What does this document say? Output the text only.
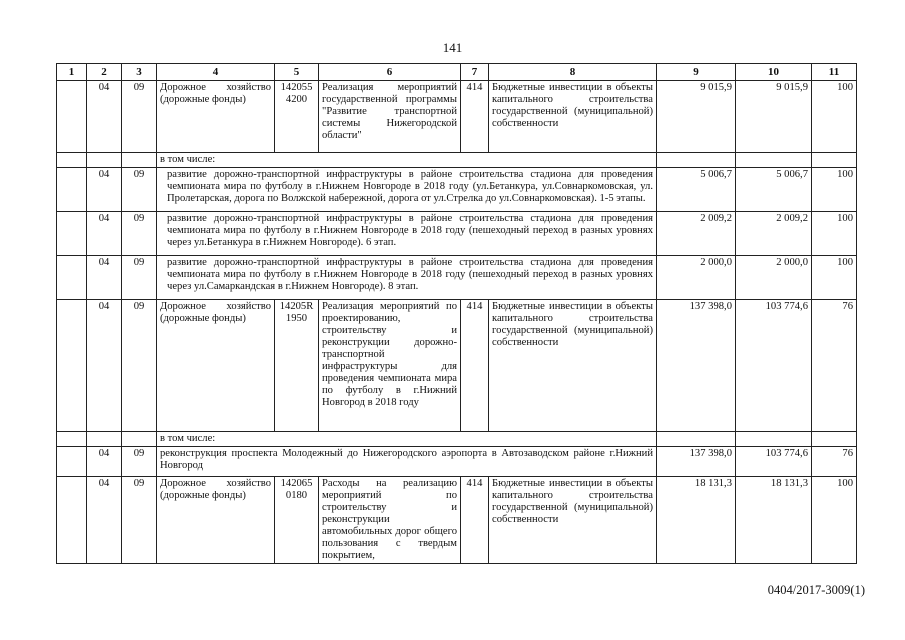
141
1	2	3	4	5	6	7	8	9	10	11
	04	09	Дорожное хозяйство (дорожные фонды)	142055 4200	Реализация мероприятий государственной программы "Развитие транспортной системы Нижегородской области"	414	Бюджетные инвестиции в объекты капитального строительства государственной (муниципальной) собственности	9 015,9	9 015,9	100
			в том числе:							
	04	09	развитие дорожно-транспортной инфраструктуры в районе строительства стадиона для проведения чемпионата мира по футболу в г.Нижнем Новгороде в 2018 году (ул.Бетанкура, ул.Совнаркомовская, ул. Пролетарская, дорога по Волжской набережной, дорога от ул.Стрелка до ул.Совнаркомовская). 1-5 этапы.					5 006,7	5 006,7	100
	04	09	развитие дорожно-транспортной инфраструктуры в районе строительства стадиона для проведения чемпионата мира по футболу в г.Нижнем Новгороде в 2018 году (пешеходный переход в разных уровнях через ул.Бетанкура в г.Нижнем Новгороде). 6 этап.					2 009,2	2 009,2	100
	04	09	развитие дорожно-транспортной инфраструктуры в районе строительства стадиона для проведения чемпионата мира по футболу в г.Нижнем Новгороде в 2018 году (пешеходный переход в разных уровнях через ул.Самаркандская в г.Нижнем Новгороде). 8 этап.					2 000,0	2 000,0	100
	04	09	Дорожное хозяйство (дорожные фонды)	14205R 1950	Реализация мероприятий по проектированию, строительству и реконструкции дорожно-транспортной инфраструктуры для проведения чемпионата мира по футболу в г.Нижний Новгород в 2018 году	414	Бюджетные инвестиции в объекты капитального строительства государственной (муниципальной) собственности	137 398,0	103 774,6	76
			в том числе:							
	04	09	реконструкция проспекта Молодежный до Нижегородского аэропорта в Автозаводском районе г.Нижний Новгород					137 398,0	103 774,6	76
	04	09	Дорожное хозяйство (дорожные фонды)	142065 0180	Расходы на реализацию мероприятий по строительству и реконструкции автомобильных дорог общего пользования с твердым покрытием,	414	Бюджетные инвестиции в объекты капитального строительства государственной (муниципальной) собственности	18 131,3	18 131,3	100
0404/2017-3009(1)
